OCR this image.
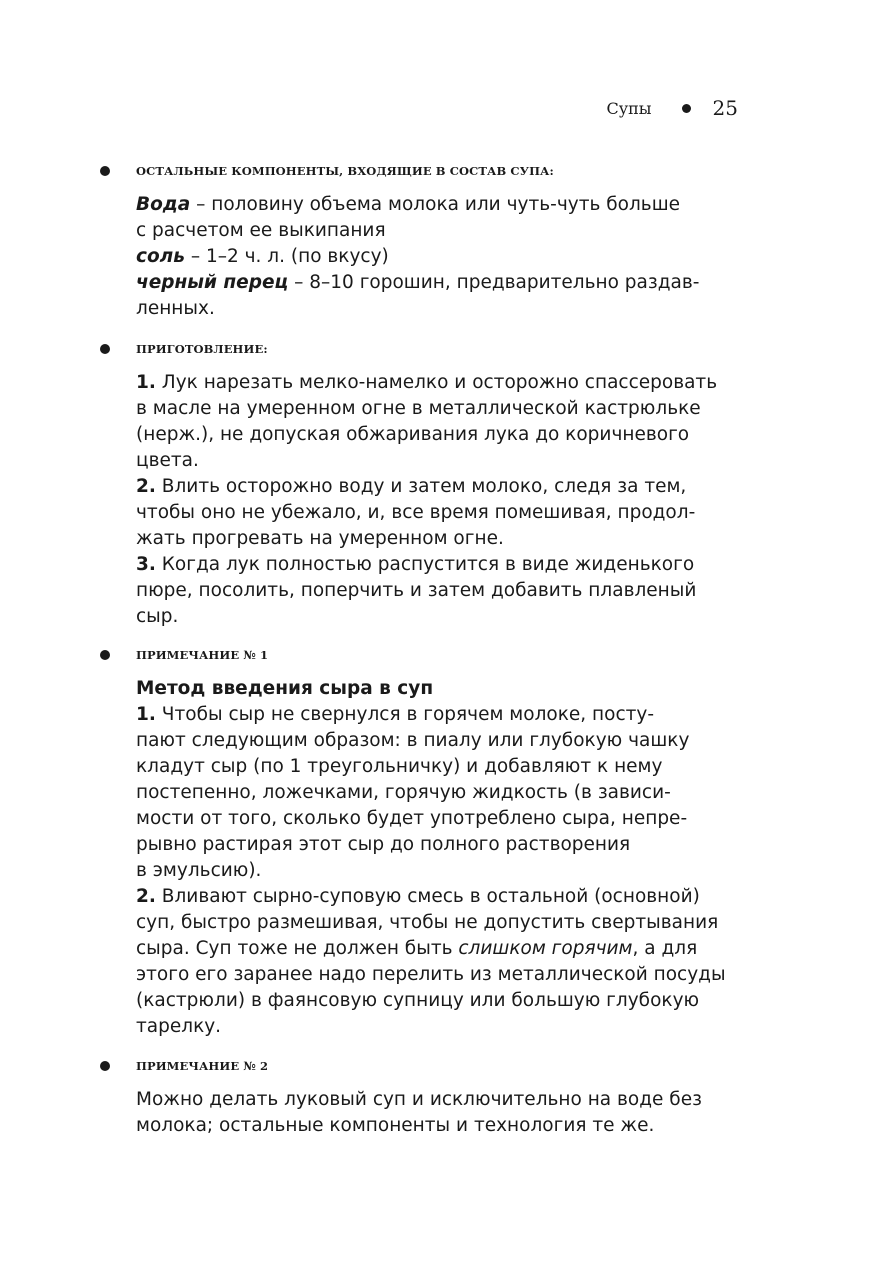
Супы	25
ОСТАЛЬНЫЕ КОМПОНЕНТЫ, ВХОДЯЩИЕ В СОСТАВ СУПА:
Вода – половину объема молока или чуть-чуть больше
с расчетом ее выкипания
соль – 1–2 ч. л. (по вкусу)
черный перец – 8–10 горошин, предварительно раздав-
ленных.
ПРИГОТОВЛЕНИЕ:
1. Лук нарезать мелко-намелко и осторожно спассеровать
в масле на умеренном огне в металлической кастрюльке
(нерж.), не допуская обжаривания лука до коричневого
цвета.
2. Влить осторожно воду и затем молоко, следя за тем,
чтобы оно не убежало, и, все время помешивая, продол-
жать прогревать на умеренном огне.
3. Когда лук полностью распустится в виде жиденького
пюре, посолить, поперчить и затем добавить плавленый
сыр.
ПРИМЕЧАНИЕ № 1
Метод введения сыра в суп
1. Чтобы сыр не свернулся в горячем молоке, посту-
пают следующим образом: в пиалу или глубокую чашку
кладут сыр (по 1 треугольничку) и добавляют к нему
постепенно, ложечками, горячую жидкость (в зависи-
мости от того, сколько будет употреблено сыра, непре-
рывно растирая этот сыр до полного растворения
в эмульсию).
2. Вливают сырно-суповую смесь в остальной (основной)
суп, быстро размешивая, чтобы не допустить свертывания
сыра. Суп тоже не должен быть слишком горячим, а для
этого его заранее надо перелить из металлической посуды
(кастрюли) в фаянсовую супницу или большую глубокую
тарелку.
ПРИМЕЧАНИЕ № 2
Можно делать луковый суп и исключительно на воде без
молока; остальные компоненты и технология те же.
